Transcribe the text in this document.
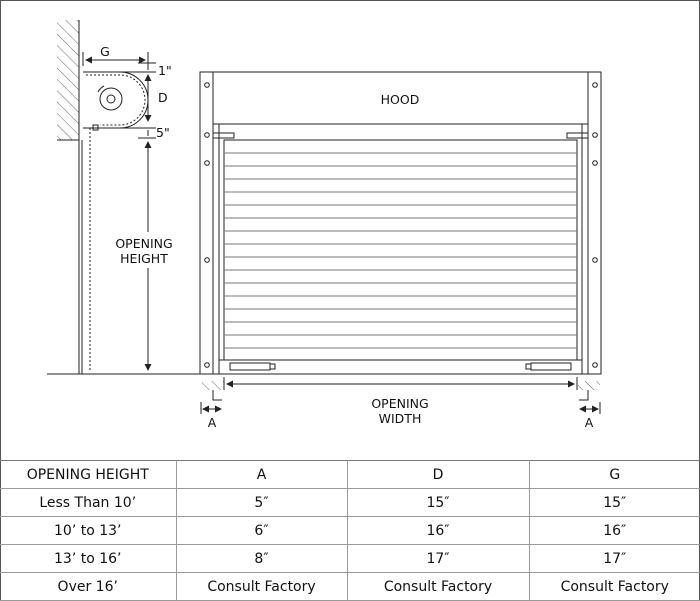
G
1"
D
5"
OPENING
HEIGHT
HOOD
OPENING
WIDTH
A	A
OPENING HEIGHT	A	D	G
Less Than 10’	5″	15″	15″
10’ to 13’	6″	16″	16″
13’ to 16’	8″	17″	17″
Over 16’	Consult Factory	Consult Factory	Consult Factory
